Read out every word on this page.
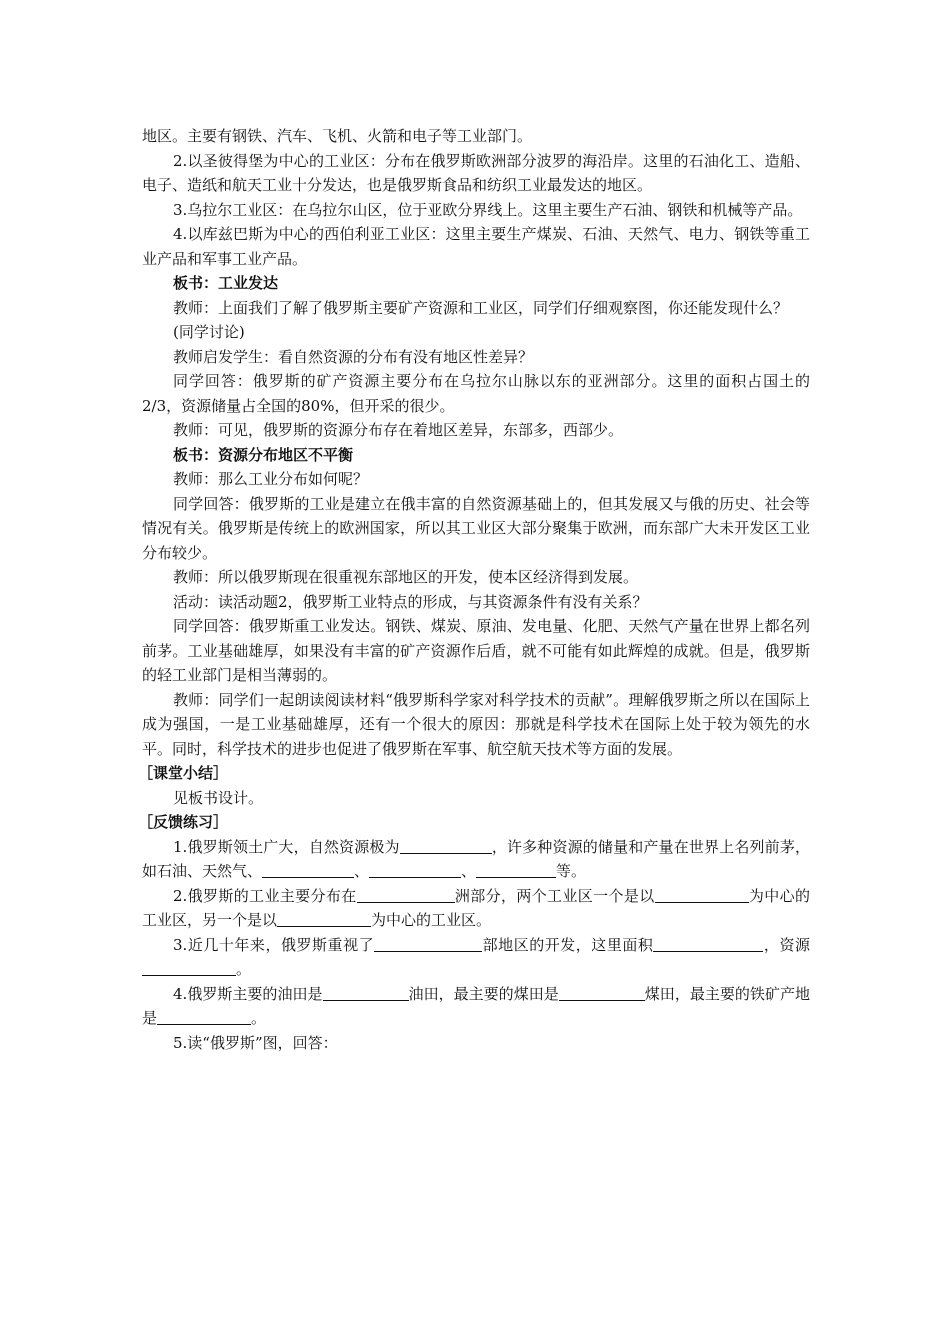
地区。主要有钢铁、汽车、飞机、火箭和电子等工业部门。

2.以圣彼得堡为中心的工业区：分布在俄罗斯欧洲部分波罗的海沿岸。这里的石油化工、造船、电子、造纸和航天工业十分发达，也是俄罗斯食品和纺织工业最发达的地区。

3.乌拉尔工业区：在乌拉尔山区，位于亚欧分界线上。这里主要生产石油、钢铁和机械等产品。

4.以库兹巴斯为中心的西伯利亚工业区：这里主要生产煤炭、石油、天然气、电力、钢铁等重工业产品和军事工业产品。

板书：工业发达

教师：上面我们了解了俄罗斯主要矿产资源和工业区，同学们仔细观察图，你还能发现什么？

(同学讨论)

教师启发学生：看自然资源的分布有没有地区性差异？

同学回答：俄罗斯的矿产资源主要分布在乌拉尔山脉以东的亚洲部分。这里的面积占国土的2/3，资源储量占全国的80%，但开采的很少。

教师：可见，俄罗斯的资源分布存在着地区差异，东部多，西部少。

板书：资源分布地区不平衡

教师：那么工业分布如何呢？

同学回答：俄罗斯的工业是建立在俄丰富的自然资源基础上的，但其发展又与俄的历史、社会等情况有关。俄罗斯是传统上的欧洲国家，所以其工业区大部分聚集于欧洲，而东部广大未开发区工业分布较少。

教师：所以俄罗斯现在很重视东部地区的开发，使本区经济得到发展。

活动：读活动题2，俄罗斯工业特点的形成，与其资源条件有没有关系？

同学回答：俄罗斯重工业发达。钢铁、煤炭、原油、发电量、化肥、天然气产量在世界上都名列前茅。工业基础雄厚，如果没有丰富的矿产资源作后盾，就不可能有如此辉煌的成就。但是，俄罗斯的轻工业部门是相当薄弱的。

教师：同学们一起朗读阅读材料“俄罗斯科学家对科学技术的贡献”。理解俄罗斯之所以在国际上成为强国，一是工业基础雄厚，还有一个很大的原因：那就是科学技术在国际上处于较为领先的水平。同时，科学技术的进步也促进了俄罗斯在军事、航空航天技术等方面的发展。

［课堂小结］

见板书设计。

［反馈练习］

1.俄罗斯领土广大，自然资源极为	，许多种资源的储量和产量在世界上名列前茅，如石油、天然气、	、	、	等。

2.俄罗斯的工业主要分布在	洲部分，两个工业区一个是以	为中心的工业区，另一个是以	为中心的工业区。

3.近几十年来，俄罗斯重视了	部地区的开发，这里面积	，资源。

4.俄罗斯主要的油田是	油田，最主要的煤田是	煤田，最主要的铁矿产地是	。

5.读“俄罗斯”图，回答：
